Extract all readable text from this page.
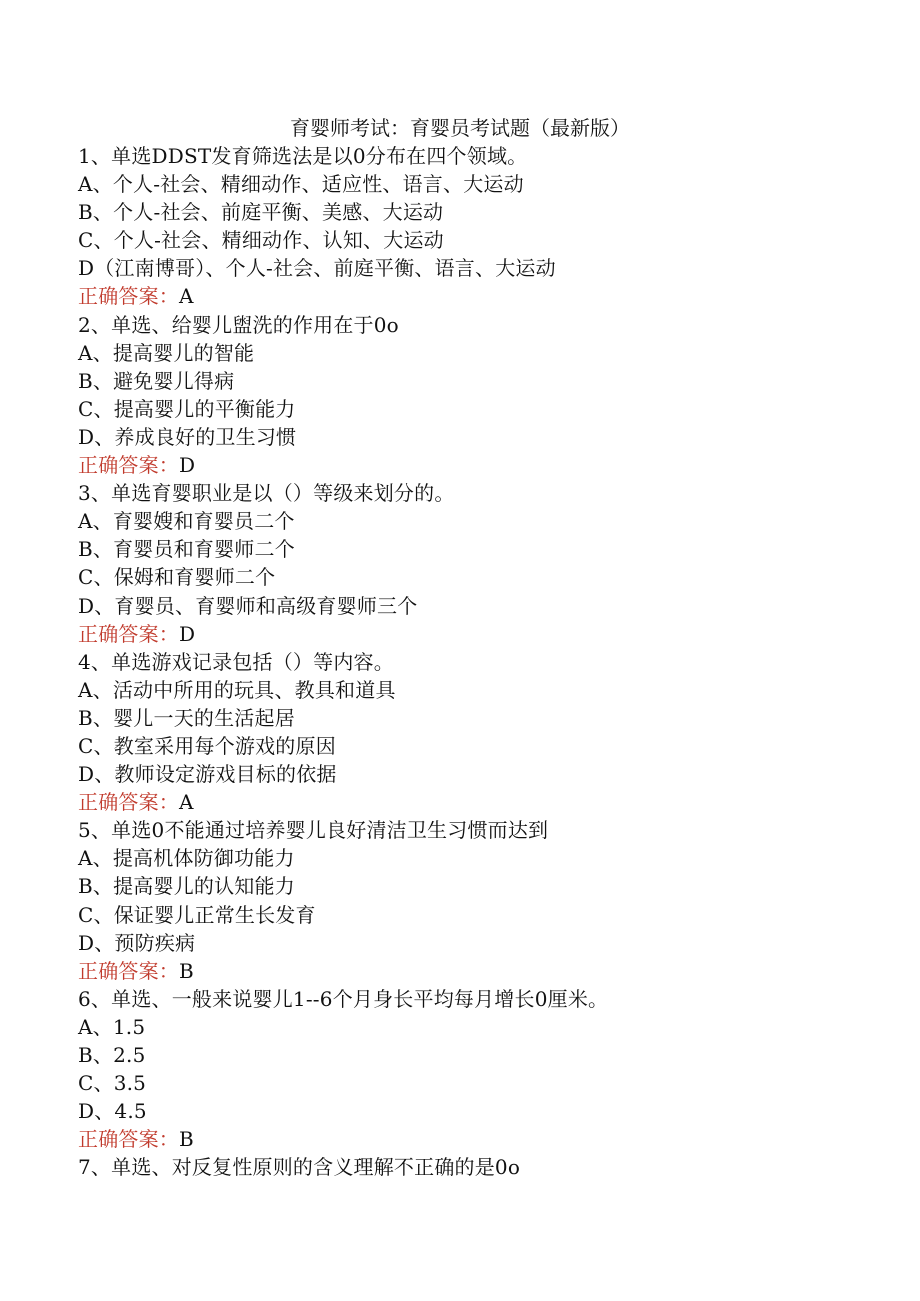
育婴师考试：育婴员考试题（最新版）
1、单选DDST发育筛选法是以0分布在四个领域。
A、个人-社会、精细动作、适应性、语言、大运动
B、个人-社会、前庭平衡、美感、大运动
C、个人-社会、精细动作、认知、大运动
D（江南博哥）、个人-社会、前庭平衡、语言、大运动
正确答案：A
2、单选、给婴儿盥洗的作用在于0o
A、提高婴儿的智能
B、避免婴儿得病
C、提高婴儿的平衡能力
D、养成良好的卫生习惯
正确答案：D
3、单选育婴职业是以（）等级来划分的。
A、育婴嫂和育婴员二个
B、育婴员和育婴师二个
C、保姆和育婴师二个
D、育婴员、育婴师和高级育婴师三个
正确答案：D
4、单选游戏记录包括（）等内容。
A、活动中所用的玩具、教具和道具
B、婴儿一天的生活起居
C、教室采用每个游戏的原因
D、教师设定游戏目标的依据
正确答案：A
5、单选0不能通过培养婴儿良好清洁卫生习惯而达到
A、提高机体防御功能力
B、提高婴儿的认知能力
C、保证婴儿正常生长发育
D、预防疾病
正确答案：B
6、单选、一般来说婴儿1--6个月身长平均每月增长0厘米。
A、1.5
B、2.5
C、3.5
D、4.5
正确答案：B
7、单选、对反复性原则的含义理解不正确的是0o
